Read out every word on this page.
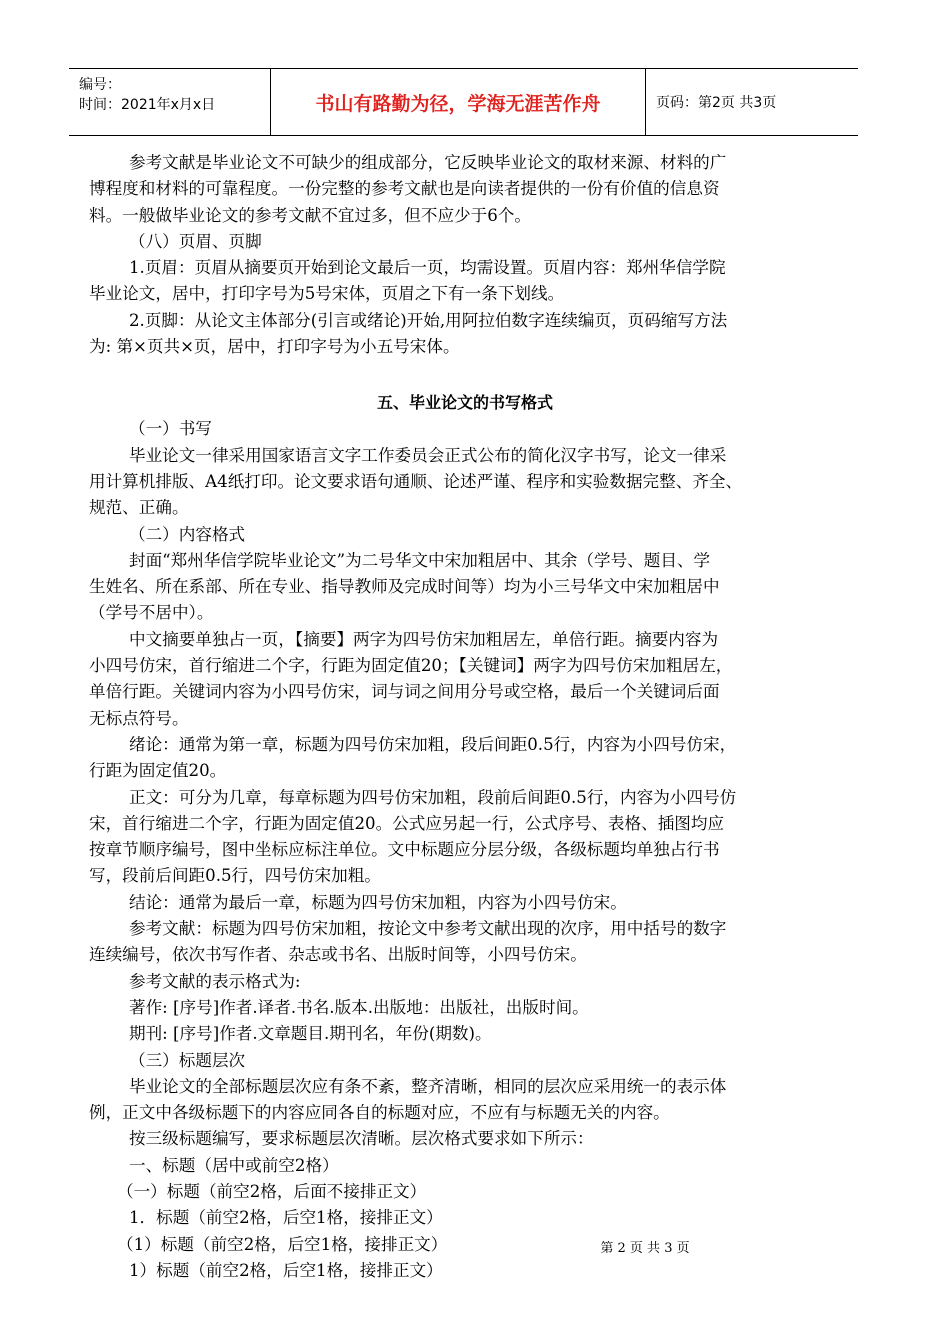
编号：
时间：2021年x月x日	书山有路勤为径，学海无涯苦作舟	页码：第2页 共3页

参考文献是毕业论文不可缺少的组成部分，它反映毕业论文的取材来源、材料的广

博程度和材料的可靠程度。一份完整的参考文献也是向读者提供的一份有价值的信息资

料。一般做毕业论文的参考文献不宜过多，但不应少于6个。

（八）页眉、页脚

1.页眉：页眉从摘要页开始到论文最后一页，均需设置。页眉内容：郑州华信学院

毕业论文，居中，打印字号为5号宋体，页眉之下有一条下划线。

2.页脚：从论文主体部分(引言或绪论)开始,用阿拉伯数字连续编页，页码缩写方法

为: 第×页共×页，居中，打印字号为小五号宋体。

五、毕业论文的书写格式

（一）书写

毕业论文一律采用国家语言文字工作委员会正式公布的简化汉字书写，论文一律采

用计算机排版、A4纸打印。论文要求语句通顺、论述严谨、程序和实验数据完整、齐全、

规范、正确。

（二）内容格式

封面“郑州华信学院毕业论文”为二号华文中宋加粗居中、其余（学号、题目、学

生姓名、所在系部、所在专业、指导教师及完成时间等）均为小三号华文中宋加粗居中

（学号不居中）。

中文摘要单独占一页，【摘要】两字为四号仿宋加粗居左，单倍行距。摘要内容为

小四号仿宋，首行缩进二个字，行距为固定值20；【关键词】两字为四号仿宋加粗居左，

单倍行距。关键词内容为小四号仿宋，词与词之间用分号或空格，最后一个关键词后面

无标点符号。

绪论：通常为第一章，标题为四号仿宋加粗，段后间距0.5行，内容为小四号仿宋，

行距为固定值20。

正文：可分为几章，每章标题为四号仿宋加粗，段前后间距0.5行，内容为小四号仿

宋，首行缩进二个字，行距为固定值20。公式应另起一行，公式序号、表格、插图均应

按章节顺序编号，图中坐标应标注单位。文中标题应分层分级，各级标题均单独占行书

写，段前后间距0.5行，四号仿宋加粗。

结论：通常为最后一章，标题为四号仿宋加粗，内容为小四号仿宋。

参考文献：标题为四号仿宋加粗，按论文中参考文献出现的次序，用中括号的数字

连续编号，依次书写作者、杂志或书名、出版时间等，小四号仿宋。

参考文献的表示格式为:

著作: [序号]作者.译者.书名.版本.出版地：出版社，出版时间。

期刊: [序号]作者.文章题目.期刊名，年份(期数)。

（三）标题层次

毕业论文的全部标题层次应有条不紊，整齐清晰，相同的层次应采用统一的表示体

例，正文中各级标题下的内容应同各自的标题对应，不应有与标题无关的内容。

按三级标题编写，要求标题层次清晰。层次格式要求如下所示：

一、标题（居中或前空2格）

（一）标题（前空2格，后面不接排正文）

1．标题（前空2格，后空1格，接排正文）

（1）标题（前空2格，后空1格，接排正文）

1）标题（前空2格，后空1格，接排正文）

第 2 页 共 3 页
